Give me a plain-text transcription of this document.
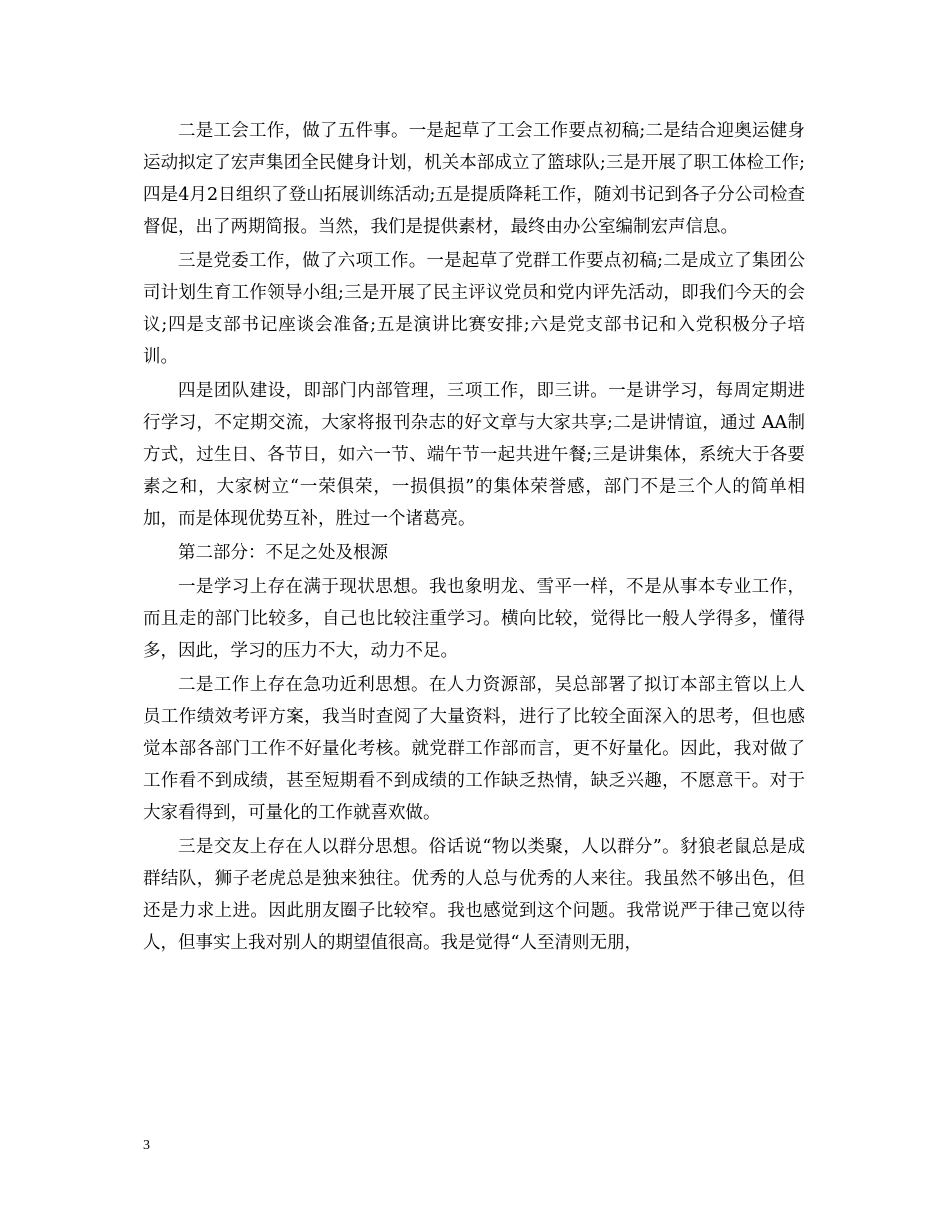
二是工会工作，做了五件事。一是起草了工会工作要点初稿;二是结合迎奥运健身运动拟定了宏声集团全民健身计划，机关本部成立了篮球队;三是开展了职工体检工作; 四是4月2日组织了登山拓展训练活动;五是提质降耗工作，随刘书记到各子分公司检查督促，出了两期简报。当然，我们是提供素材，最终由办公室编制宏声信息。

三是党委工作，做了六项工作。一是起草了党群工作要点初稿;二是成立了集团公司计划生育工作领导小组;三是开展了民主评议党员和党内评先活动，即我们今天的会议;四是支部书记座谈会准备;五是演讲比赛安排;六是党支部书记和入党积极分子培训。

四是团队建设，即部门内部管理，三项工作，即三讲。一是讲学习，每周定期进行学习，不定期交流，大家将报刊杂志的好文章与大家共享;二是讲情谊，通过 AA制方式，过生日、各节日，如六一节、端午节一起共进午餐;三是讲集体，系统大于各要素之和，大家树立“一荣俱荣，一损俱损”的集体荣誉感，部门不是三个人的简单相加，而是体现优势互补，胜过一个诸葛亮。

第二部分：不足之处及根源

一是学习上存在满于现状思想。我也象明龙、雪平一样，不是从事本专业工作，而且走的部门比较多，自己也比较注重学习。横向比较，觉得比一般人学得多，懂得多，因此，学习的压力不大，动力不足。

二是工作上存在急功近利思想。在人力资源部，吴总部署了拟订本部主管以上人员工作绩效考评方案，我当时查阅了大量资料，进行了比较全面深入的思考，但也感觉本部各部门工作不好量化考核。就党群工作部而言，更不好量化。因此，我对做了工作看不到成绩，甚至短期看不到成绩的工作缺乏热情，缺乏兴趣，不愿意干。对于大家看得到，可量化的工作就喜欢做。

三是交友上存在人以群分思想。俗话说“物以类聚，人以群分”。豺狼老鼠总是成群结队，狮子老虎总是独来独往。优秀的人总与优秀的人来往。我虽然不够出色，但还是力求上进。因此朋友圈子比较窄。我也感觉到这个问题。我常说严于律己宽以待人，但事实上我对别人的期望值很高。我是觉得“人至清则无朋，

3
